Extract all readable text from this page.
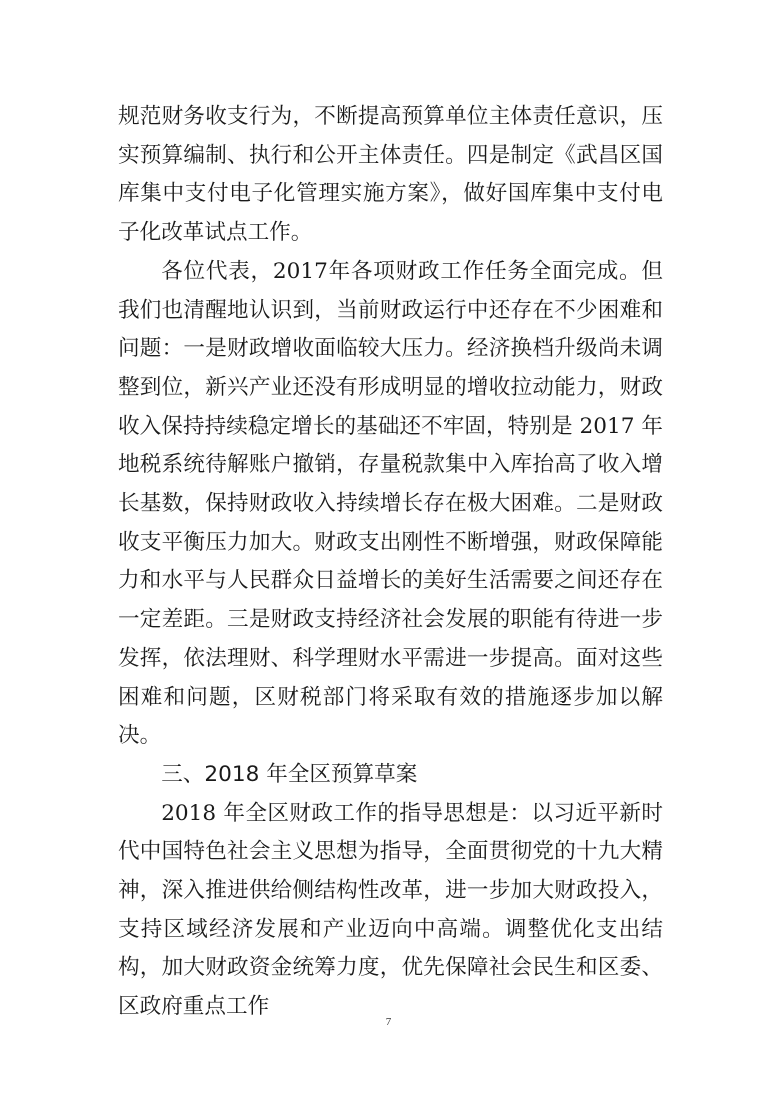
规范财务收支行为，不断提高预算单位主体责任意识，压实预算编制、执行和公开主体责任。四是制定《武昌区国库集中支付电子化管理实施方案》，做好国库集中支付电子化改革试点工作。

各位代表，2017年各项财政工作任务全面完成。但我们也清醒地认识到，当前财政运行中还存在不少困难和问题：一是财政增收面临较大压力。经济换档升级尚未调整到位，新兴产业还没有形成明显的增收拉动能力，财政收入保持持续稳定增长的基础还不牢固，特别是 2017 年地税系统待解账户撤销，存量税款集中入库抬高了收入增长基数，保持财政收入持续增长存在极大困难。二是财政收支平衡压力加大。财政支出刚性不断增强，财政保障能力和水平与人民群众日益增长的美好生活需要之间还存在一定差距。三是财政支持经济社会发展的职能有待进一步发挥，依法理财、科学理财水平需进一步提高。面对这些困难和问题，区财税部门将采取有效的措施逐步加以解决。

三、2018 年全区预算草案

2018 年全区财政工作的指导思想是：以习近平新时代中国特色社会主义思想为指导，全面贯彻党的十九大精神，深入推进供给侧结构性改革，进一步加大财政投入，支持区域经济发展和产业迈向中高端。调整优化支出结构，加大财政资金统筹力度，优先保障社会民生和区委、区政府重点工作

7
